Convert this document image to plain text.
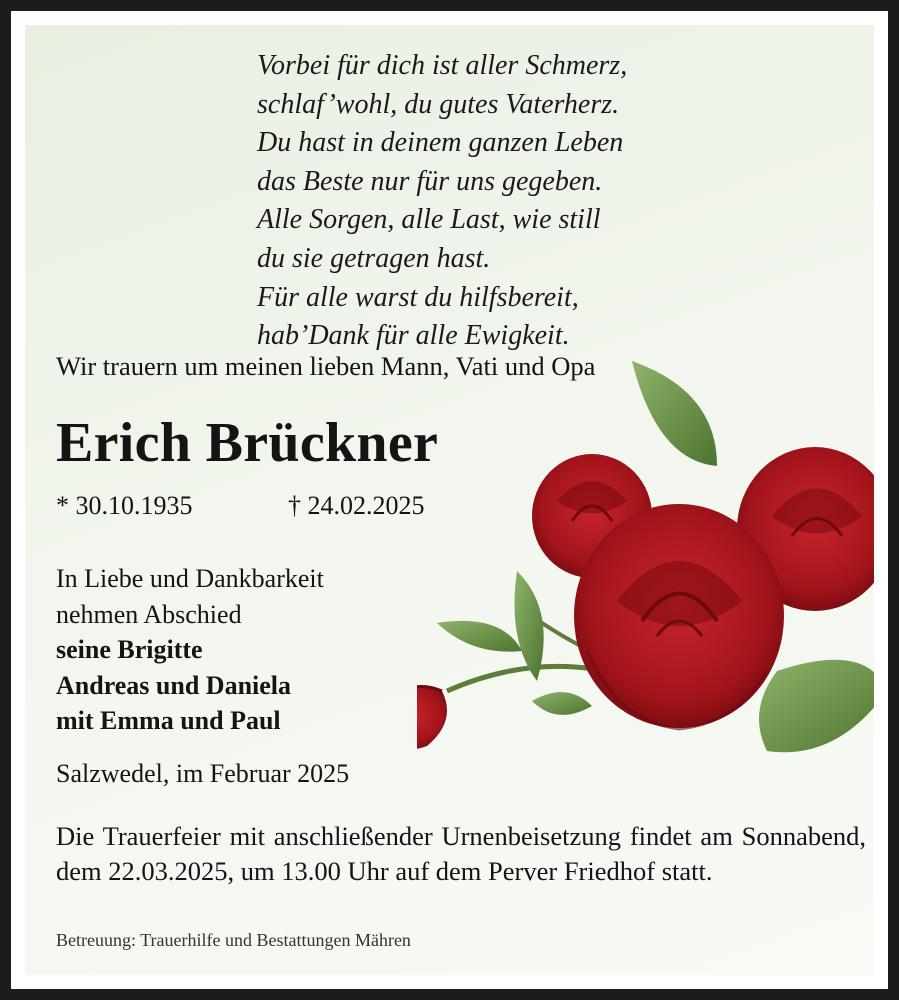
Vorbei für dich ist aller Schmerz,
schlaf’wohl, du gutes Vaterherz.
Du hast in deinem ganzen Leben
das Beste nur für uns gegeben.
Alle Sorgen, alle Last, wie still
du sie getragen hast.
Für alle warst du hilfsbereit,
hab’Dank für alle Ewigkeit.
Wir trauern um meinen lieben Mann, Vati und Opa
Erich Brückner
* 30.10.1935	† 24.02.2025
In Liebe und Dankbarkeit
nehmen Abschied
seine Brigitte
Andreas und Daniela
mit Emma und Paul
Salzwedel, im Februar 2025

Die Trauerfeier mit anschließender Urnenbeisetzung findet am Sonnabend, dem 22.03.2025, um 13.00 Uhr auf dem Perver Friedhof statt.

Betreuung: Trauerhilfe und Bestattungen Mähren
